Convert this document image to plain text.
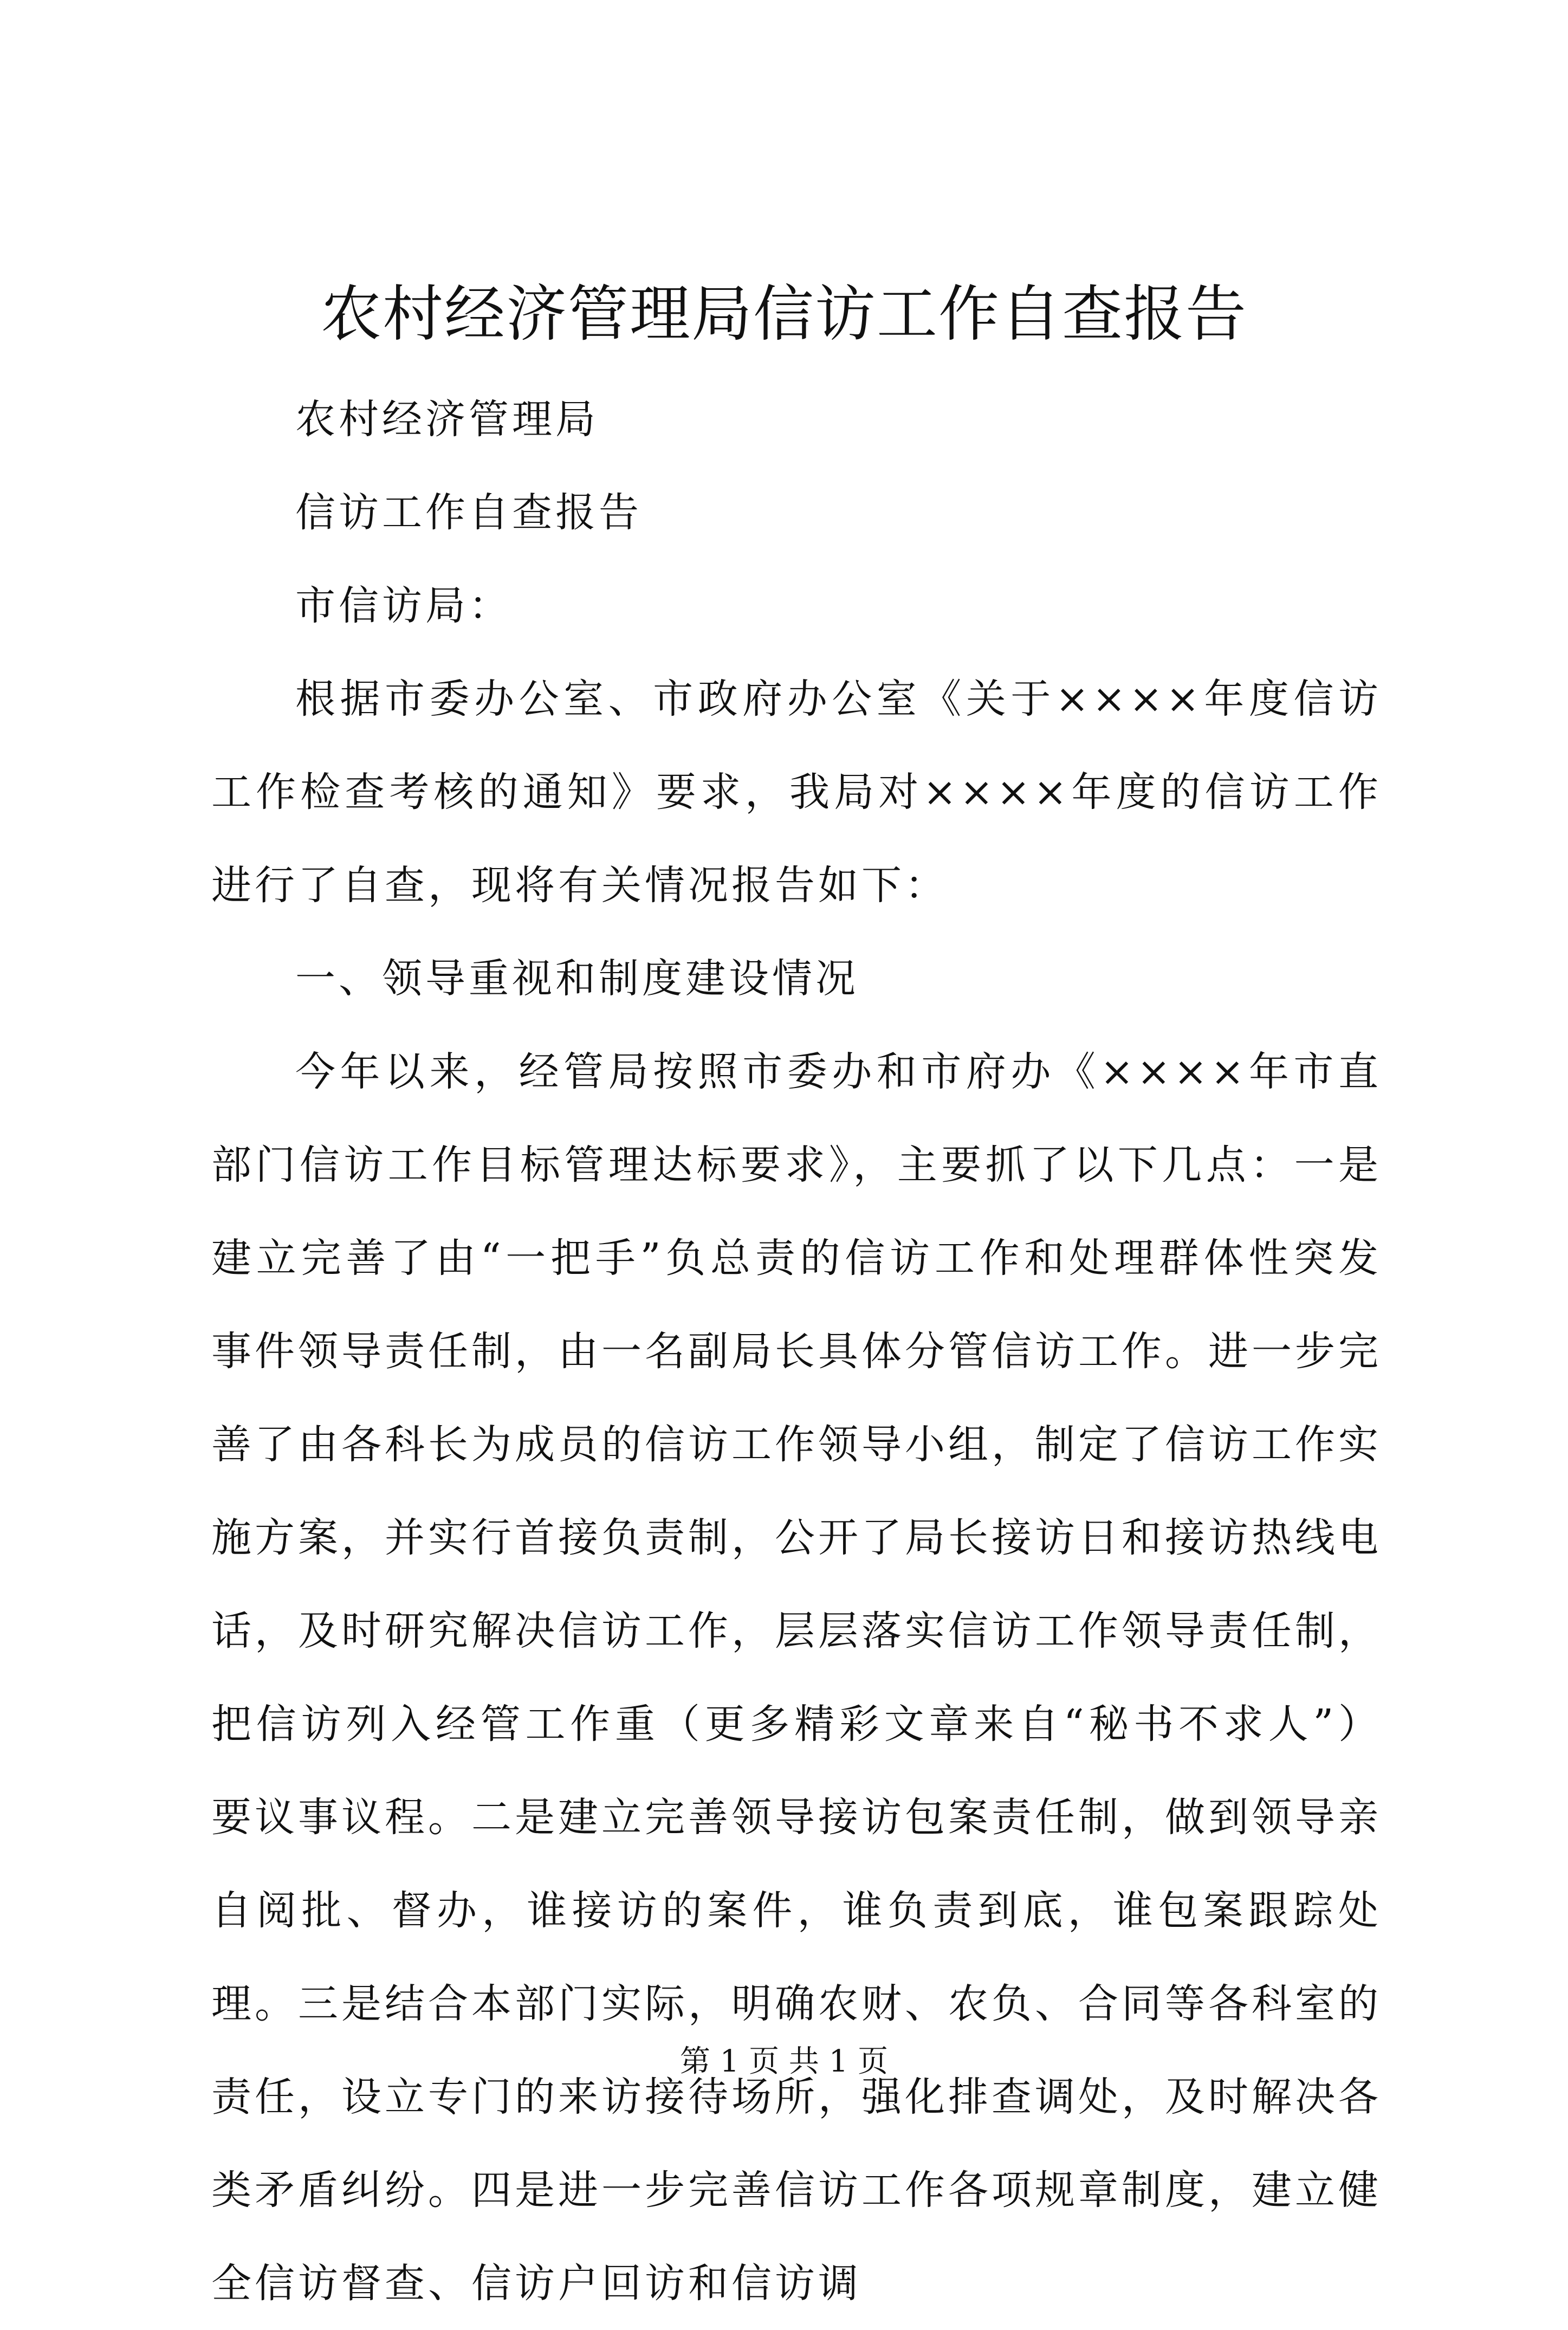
农村经济管理局信访工作自查报告

农村经济管理局

信访工作自查报告

市信访局：

根据市委办公室、市政府办公室《关于××××年度信访工作检查考核的通知》要求，我局对××××年度的信访工作进行了自查，现将有关情况报告如下：

一、领导重视和制度建设情况

今年以来，经管局按照市委办和市府办《××××年市直部门信访工作目标管理达标要求》，主要抓了以下几点：一是建立完善了由“一把手”负总责的信访工作和处理群体性突发事件领导责任制，由一名副局长具体分管信访工作。进一步完善了由各科长为成员的信访工作领导小组，制定了信访工作实施方案，并实行首接负责制，公开了局长接访日和接访热线电话，及时研究解决信访工作，层层落实信访工作领导责任制，把信访列入经管工作重（更多精彩文章来自“秘书不求人”）要议事议程。二是建立完善领导接访包案责任制，做到领导亲自阅批、督办，谁接访的案件，谁负责到底，谁包案跟踪处理。三是结合本部门实际，明确农财、农负、合同等各科室的责任，设立专门的来访接待场所，强化排查调处，及时解决各类矛盾纠纷。四是进一步完善信访工作各项规章制度，建立健全信访督查、信访户回访和信访调

第 1 页 共 1 页
